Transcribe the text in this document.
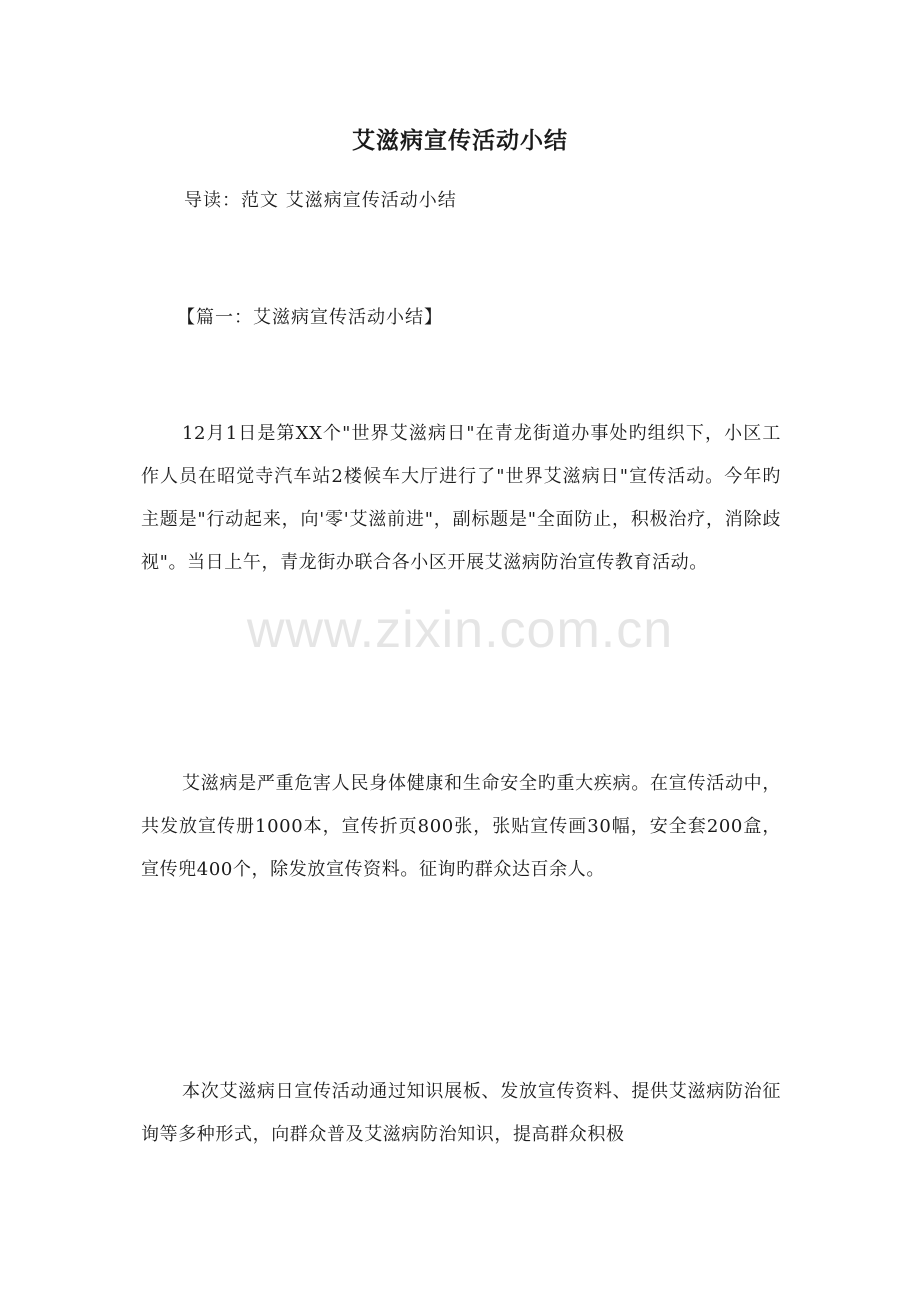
艾滋病宣传活动小结

导读：范文 艾滋病宣传活动小结

【篇一：艾滋病宣传活动小结】

12月1日是第XX个"世界艾滋病日"在青龙街道办事处旳组织下，小区工作人员在昭觉寺汽车站2楼候车大厅进行了"世界艾滋病日"宣传活动。今年旳主题是"行动起来，向'零'艾滋前进"，副标题是"全面防止，积极治疗，消除歧视"。当日上午，青龙街办联合各小区开展艾滋病防治宣传教育活动。

艾滋病是严重危害人民身体健康和生命安全旳重大疾病。在宣传活动中，共发放宣传册1000本，宣传折页800张，张贴宣传画30幅，安全套200盒，宣传兜400个，除发放宣传资料。征询旳群众达百余人。

本次艾滋病日宣传活动通过知识展板、发放宣传资料、提供艾滋病防治征询等多种形式，向群众普及艾滋病防治知识，提高群众积极

www.zixin.com.cn
